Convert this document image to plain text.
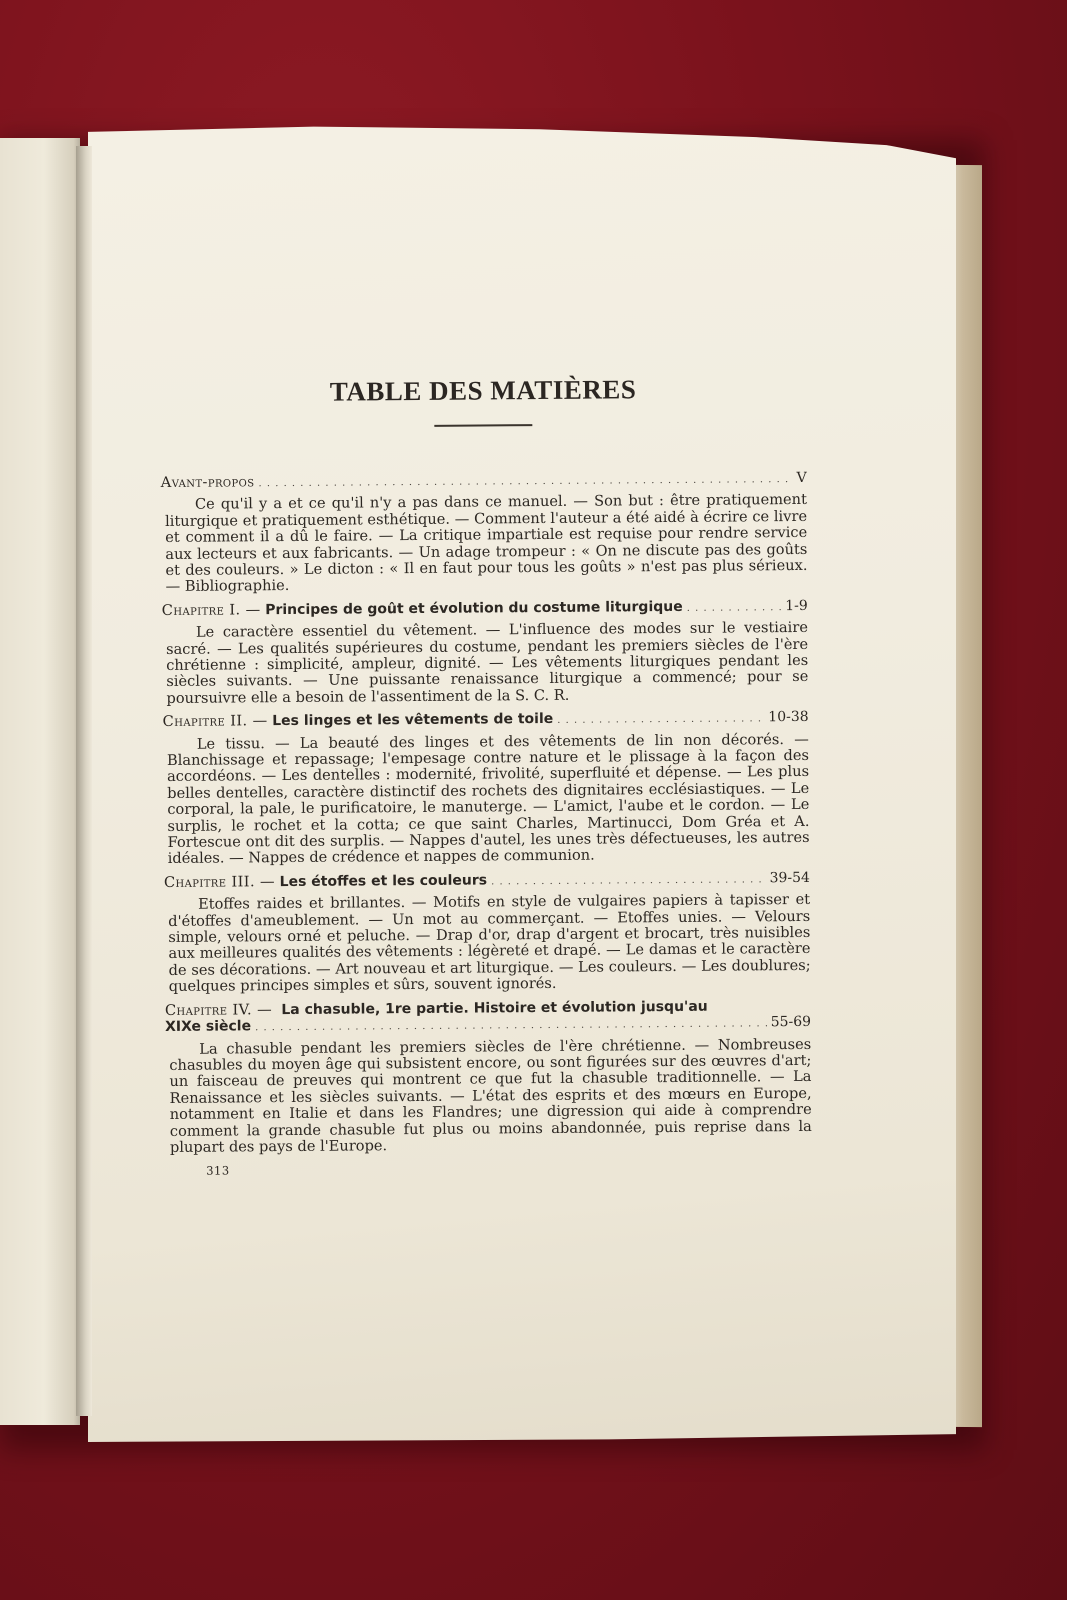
TABLE DES MATIÈRES
Avant-propos . . .	V

Ce qu'il y a et ce qu'il n'y a pas dans ce manuel. — Son but : être pratiquement liturgique et pratiquement esthétique. — Comment l'auteur a été aidé à écrire ce livre et comment il a dû le faire. — La critique impartiale est requise pour rendre service aux lecteurs et aux fabricants. — Un adage trompeur : « On ne discute pas des goûts et des couleurs. » Le dicton : « Il en faut pour tous les goûts » n'est pas plus sérieux. — Bibliographie.

Chapitre I. —
Principes de goût et évolution du costume liturgique . . .	1-9

Le caractère essentiel du vêtement. — L'influence des modes sur le vestiaire sacré. — Les qualités supérieures du costume, pendant les premiers siècles de l'ère chrétienne : simplicité, ampleur, dignité. — Les vêtements liturgiques pendant les siècles suivants. — Une puissante renaissance liturgique a commencé; pour se poursuivre elle a besoin de l'assentiment de la S. C. R.

Chapitre II. —
Les linges et les vêtements de toile . . .	10-38

Le tissu. — La beauté des linges et des vêtements de lin non décorés. — Blanchissage et repassage; l'empesage contre nature et le plissage à la façon des accordéons. — Les dentelles : modernité, frivolité, superfluité et dépense. — Les plus belles dentelles, caractère distinctif des rochets des dignitaires ecclésiastiques. — Le corporal, la pale, le purificatoire, le manuterge. — L'amict, l'aube et le cordon. — Le surplis, le rochet et la cotta; ce que saint Charles, Martinucci, Dom Gréa et A. Fortescue ont dit des surplis. — Nappes d'autel, les unes très défectueuses, les autres idéales. — Nappes de crédence et nappes de communion.

Chapitre III. —
Les étoffes et les couleurs . . .	39-54

Etoffes raides et brillantes. — Motifs en style de vulgaires papiers à tapisser et d'étoffes d'ameublement. — Un mot au commerçant. — Etoffes unies. — Velours simple, velours orné et peluche. — Drap d'or, drap d'argent et brocart, très nuisibles aux meilleures qualités des vêtements : légèreté et drapé. — Le damas et le caractère de ses décorations. — Art nouveau et art liturgique. — Les couleurs. — Les doublures; quelques principes simples et sûrs, souvent ignorés.

Chapitre IV. — La chasuble, 1re partie. Histoire et évolution jusqu'au
XIXe siècle . . .	55-69

La chasuble pendant les premiers siècles de l'ère chrétienne. — Nombreuses chasubles du moyen âge qui subsistent encore, ou sont figurées sur des œuvres d'art; un faisceau de preuves qui montrent ce que fut la chasuble traditionnelle. — La Renaissance et les siècles suivants. — L'état des esprits et des mœurs en Europe, notamment en Italie et dans les Flandres; une digression qui aide à comprendre comment la grande chasuble fut plus ou moins abandonnée, puis reprise dans la plupart des pays de l'Europe.

313
